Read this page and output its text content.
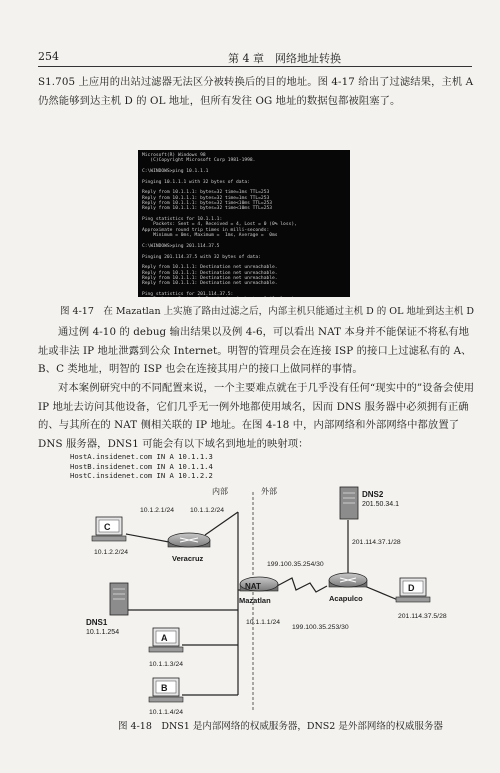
254	第 4 章　网络地址转换
S1.705 上应用的出站过滤器无法区分被转换后的目的地址。图 4-17 给出了过滤结果，主机 A 仍然能够到达主机 D 的 OL 地址，但所有发往 OG 地址的数据包都被阻塞了。
Microsoft(R) Windows 98
(C)Copyright Microsoft Corp 1981-1998.
C:\WINDOWS>ping 10.1.1.1
Pinging 10.1.1.1 with 32 bytes of data:
Reply from 10.1.1.1: bytes=32 time=1ms TTL=253
Reply from 10.1.1.1: bytes=32 time=1ms TTL=253
Reply from 10.1.1.1: bytes=32 time<10ms TTL=253
Reply from 10.1.1.1: bytes=32 time<10ms TTL=253
Ping statistics for 10.1.1.1:
Packets: Sent = 4, Received = 4, Lost = 0 (0% loss),
Approximate round trip times in milli-seconds:
Minimum = 0ms, Maximum =  1ms, Average =  0ms
C:\WINDOWS>ping 201.114.37.5
Pinging 201.114.37.5 with 32 bytes of data:
Reply from 10.1.1.1: Destination net unreachable.
Reply from 10.1.1.1: Destination net unreachable.
Reply from 10.1.1.1: Destination net unreachable.
Reply from 10.1.1.1: Destination net unreachable.
Ping statistics for 201.114.37.5:
图 4-17　在 Mazatlan 上实施了路由过滤之后，内部主机只能通过主机 D 的 OL 地址到达主机 D
通过例 4-10 的 debug 输出结果以及例 4-6，可以看出 NAT 本身并不能保证不将私有地址或非法 IP 地址泄露到公众 Internet。明智的管理员会在连接 ISP 的接口上过滤私有的 A、B、C 类地址，明智的 ISP 也会在连接其用户的接口上做同样的事情。
对本案例研究中的不同配置来说，一个主要难点就在于几乎没有任何“现实中的”设备会使用 IP 地址去访问其他设备，它们几乎无一例外地都使用域名，因而 DNS 服务器中必须拥有正确的、与其所在的 NAT 侧相关联的 IP 地址。在图 4-18 中，内部网络和外部网络中都放置了 DNS 服务器，DNS1 可能会有以下域名到地址的映射项：
HostA.insidenet.com IN A 10.1.1.3
HostB.insidenet.com IN A 10.1.1.4
HostC.insidenet.com IN A 10.1.2.2
内部	外部
Veracruz
NAT
Mazatlan	Acapulco
C
A
B
D
DNS2
201.50.34.1
DNS1
10.1.1.254
10.1.2.1/24 10.1.1.2/24
10.1.2.2/24
199.100.35.254/30
201.114.37.1/28
10.1.1.1/24
199.100.35.253/30
201.114.37.5/28
10.1.1.3/24
10.1.1.4/24
图 4-18　DNS1 是内部网络的权威服务器，DNS2 是外部网络的权威服务器
